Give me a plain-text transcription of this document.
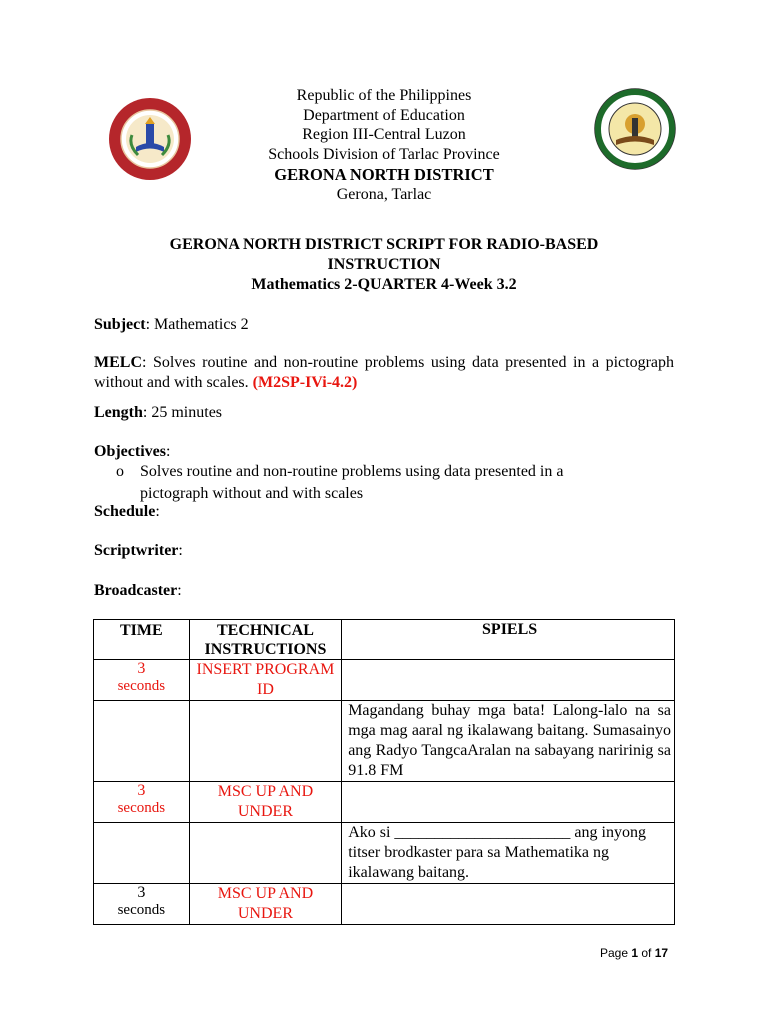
Republic of the Philippines
Department of Education
Region III-Central Luzon
Schools Division of Tarlac Province
GERONA NORTH DISTRICT
Gerona, Tarlac
GERONA NORTH DISTRICT SCRIPT FOR RADIO-BASED
INSTRUCTION
Mathematics 2-QUARTER 4-Week 3.2
Subject: Mathematics 2
MELC: Solves routine and non-routine problems using data presented in a pictograph without and with scales. (M2SP-IVi-4.2)
Length: 25 minutes
Objectives:
o Solves routine and non-routine problems using data presented in a
pictograph without and with scales
Schedule:
Scriptwriter:
Broadcaster:
TIME	TECHNICAL INSTRUCTIONS	SPIELS

3
seconds	INSERT PROGRAM ID	

		Magandang buhay mga bata! Lalong-lalo na sa mga mag aaral ng ikalawang baitang. Sumasainyo ang Radyo TangcaAralan na sabayang naririnig sa 91.8 FM

3
seconds	MSC UP AND UNDER	

		Ako si ______________________ ang inyong titser brodkaster para sa Mathematika ng ikalawang baitang.

3
seconds	MSC UP AND UNDER	
Page 1 of 17
